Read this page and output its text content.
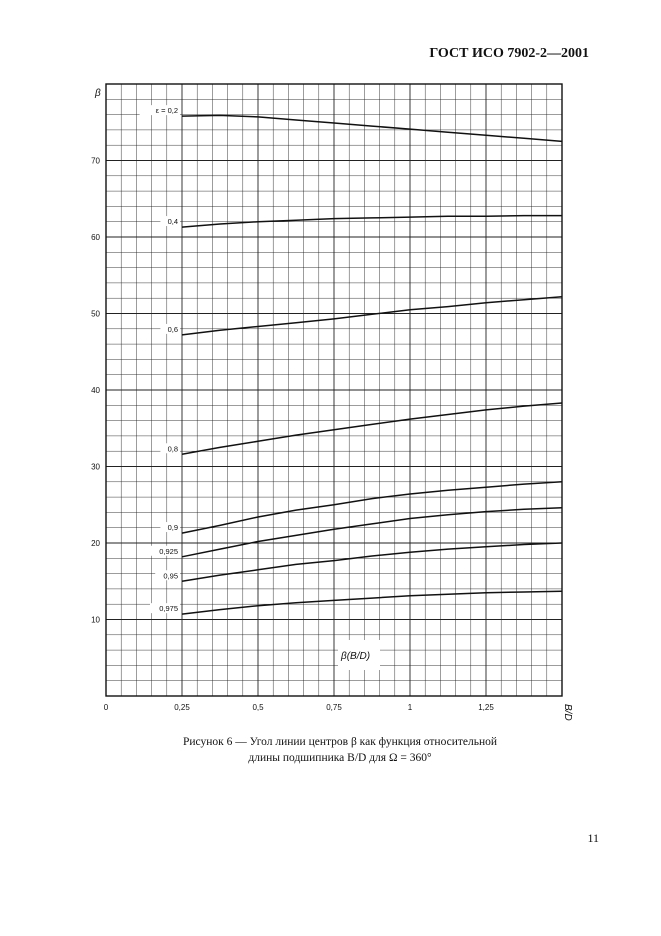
ГОСТ ИСО 7902-2—2001
ε = 0,2
0,4
0,6
0,8
0,9
0,925
0,95
0,975
10
20
30
40
50
60
70
0	0,25	0,5	0,75	1	1,25
β
B/D
β(B/D)
Рисунок 6 — Угол линии центров β как функция относительной
длины подшипника B/D для Ω = 360°
11
